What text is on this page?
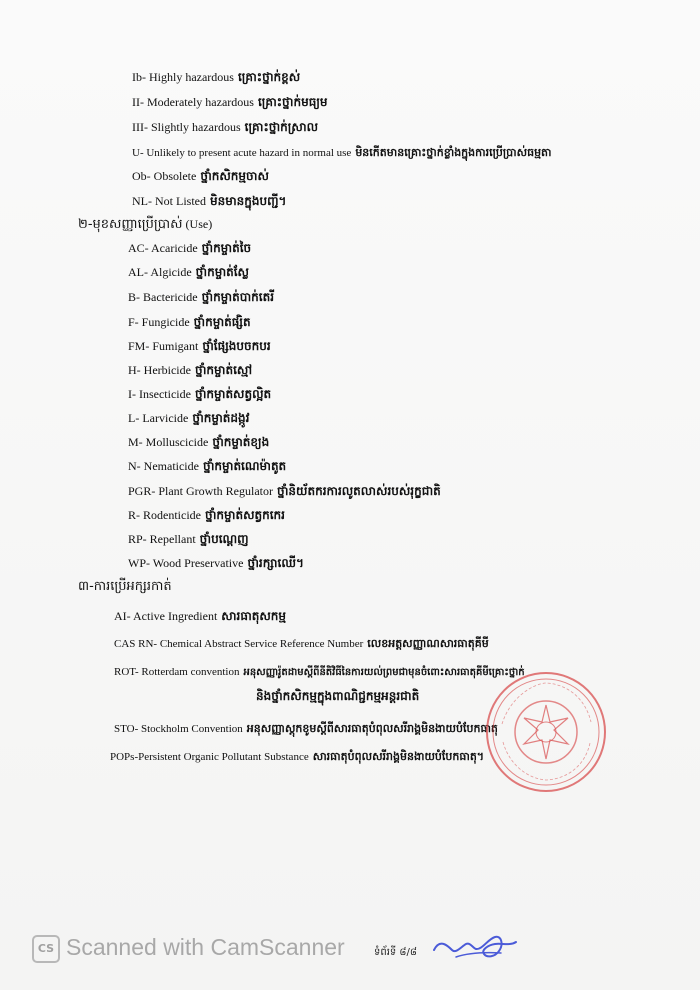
Ib- Highly hazardous គ្រោះថ្នាក់ខ្ពស់
II- Moderately hazardous គ្រោះថ្នាក់មធ្យម
III- Slightly hazardous គ្រោះថ្នាក់ស្រាល
U- Unlikely to present acute hazard in normal use មិនកើតមានគ្រោះថ្នាក់ខ្លាំងក្នុងការប្រើប្រាស់ធម្មតា
Ob- Obsolete ថ្នាំកសិកម្មចាស់
NL- Not Listed មិនមានក្នុងបញ្ជី។
២-មុខសញ្ញាប្រើប្រាស់ (Use)
AC- Acaricide ថ្នាំកម្ចាត់ចៃ
AL- Algicide ថ្នាំកម្ចាត់ស្លែ
B- Bactericide ថ្នាំកម្ចាត់បាក់តេរី
F- Fungicide ថ្នាំកម្ចាត់ផ្សិត
FM- Fumigant ថ្នាំផ្សែងបចកបរ
H- Herbicide ថ្នាំកម្ចាត់ស្មៅ
I- Insecticide ថ្នាំកម្ចាត់សត្វល្អិត
L- Larvicide ថ្នាំកម្ចាត់ដង្កូវ
M- Molluscicide ថ្នាំកម្ចាត់ខ្យង
N- Nematicide ថ្នាំកម្ចាត់ណេម៉ាតូត
PGR- Plant Growth Regulator ថ្នាំនិយ័តករការលូតលាស់របស់រុក្ខជាតិ
R- Rodenticide ថ្នាំកម្ចាត់សត្វកកេរ
RP- Repellant ថ្នាំបណ្ដេញ
WP- Wood Preservative ថ្នាំរក្សាឈើ។
៣-ការប្រើអក្សរកាត់
AI- Active Ingredient សារធាតុសកម្ម
CAS RN- Chemical Abstract Service Reference Number លេខអត្តសញ្ញាណសារធាតុគីមី
ROT- Rotterdam convention អនុសញ្ញារ៉ូតដាមស្ដីពីនីតិវិធីនៃការយល់ព្រមជាមុនចំពោះសារធាតុគីមីគ្រោះថ្នាក់
និងថ្នាំកសិកម្មក្នុងពាណិជ្ជកម្មអន្តរជាតិ
STO- Stockholm Convention អនុសញ្ញាស្តុកខូមស្ដីពីសារធាតុបំពុលសរីរាង្គមិនងាយបំបែកធាតុ
POPs-Persistent Organic Pollutant Substance សារធាតុបំពុលសរីរាង្គមិនងាយបំបែកធាតុ។
CS Scanned with CamScanner	ទំព័រទី ៨/៨
